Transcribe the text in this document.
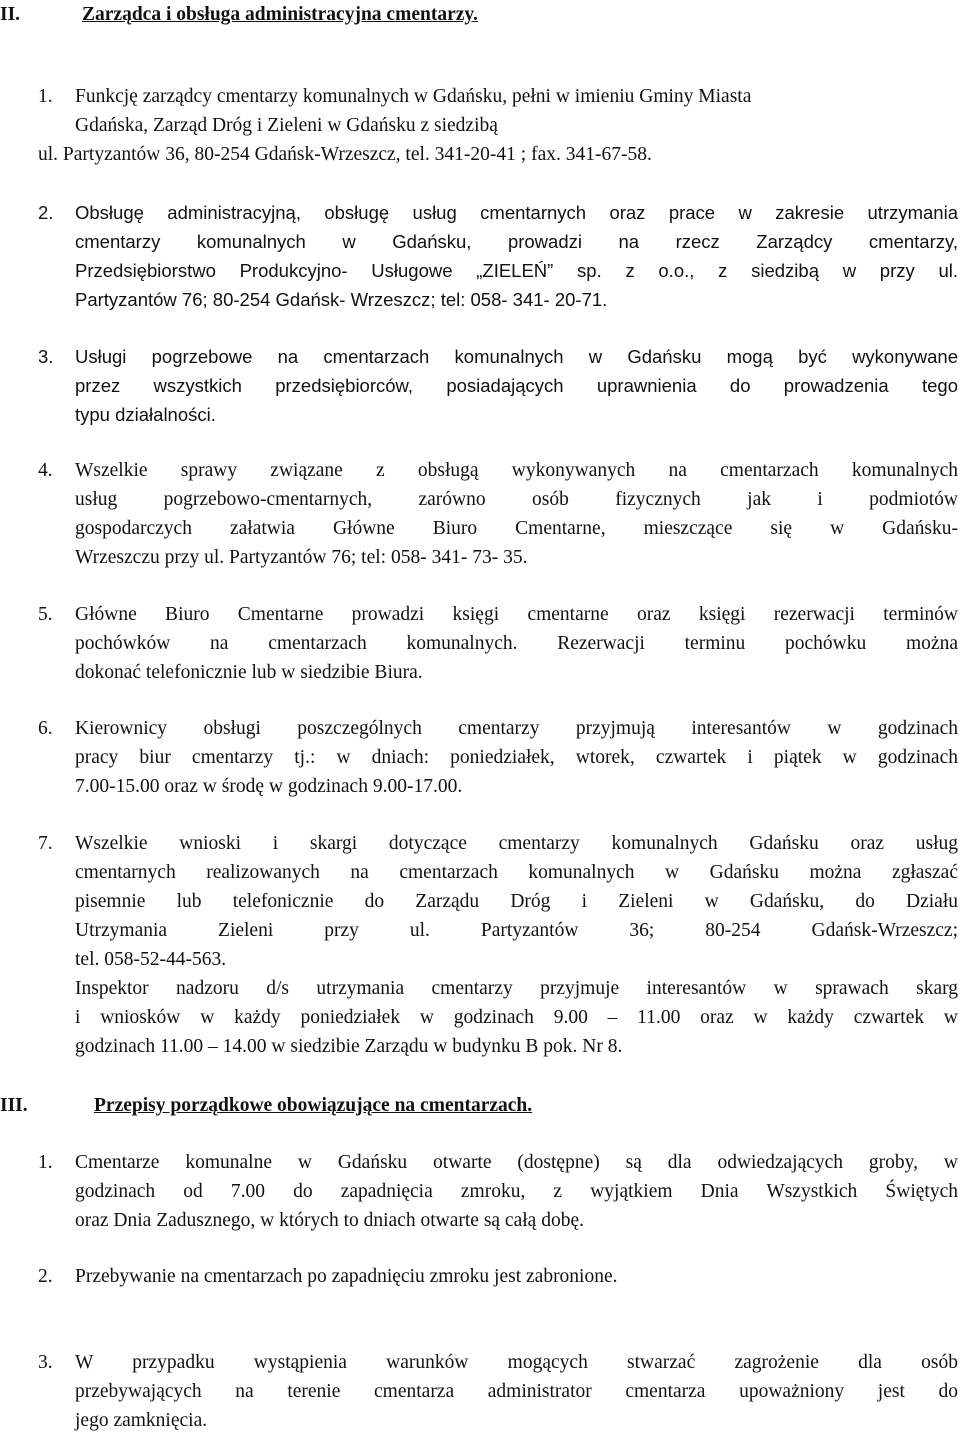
II.	Zarządca i obsługa administracyjna cmentarzy.
1. Funkcję zarządcy cmentarzy komunalnych w Gdańsku, pełni w imieniu Gminy Miasta
Gdańska, Zarząd Dróg i Zieleni w Gdańsku z siedzibą
ul. Partyzantów 36, 80-254 Gdańsk-Wrzeszcz, tel. 341-20-41 ; fax. 341-67-58.
2. Obsługę administracyjną, obsługę usług cmentarnych oraz prace w zakresie utrzymania
cmentarzy komunalnych w Gdańsku, prowadzi na rzecz Zarządcy cmentarzy,
Przedsiębiorstwo Produkcyjno- Usługowe „ZIELEŃ” sp. z o.o., z siedzibą w przy ul.
Partyzantów 76; 80-254 Gdańsk- Wrzeszcz; tel: 058- 341- 20-71.
3. Usługi pogrzebowe na cmentarzach komunalnych w Gdańsku mogą być wykonywane
przez wszystkich przedsiębiorców, posiadających uprawnienia do prowadzenia tego
typu działalności.
4. Wszelkie sprawy związane z obsługą wykonywanych na cmentarzach komunalnych
usług pogrzebowo-cmentarnych, zarówno osób fizycznych jak i podmiotów
gospodarczych załatwia Główne Biuro Cmentarne, mieszczące się w Gdańsku-
Wrzeszczu przy ul. Partyzantów 76; tel: 058- 341- 73- 35.
5. Główne Biuro Cmentarne prowadzi księgi cmentarne oraz księgi rezerwacji terminów
pochówków na cmentarzach komunalnych. Rezerwacji terminu pochówku można
dokonać telefonicznie lub w siedzibie Biura.
6. Kierownicy obsługi poszczególnych cmentarzy przyjmują interesantów w godzinach
pracy biur cmentarzy tj.: w dniach: poniedziałek, wtorek, czwartek i piątek w godzinach
7.00-15.00 oraz w środę w godzinach 9.00-17.00.
7. Wszelkie wnioski i skargi dotyczące cmentarzy komunalnych Gdańsku oraz usług
cmentarnych realizowanych na cmentarzach komunalnych w Gdańsku można zgłaszać
pisemnie lub telefonicznie do Zarządu Dróg i Zieleni w Gdańsku, do Działu
Utrzymania Zieleni przy ul. Partyzantów 36; 80-254 Gdańsk-Wrzeszcz;
tel. 058-52-44-563.
Inspektor nadzoru d/s utrzymania cmentarzy przyjmuje interesantów w sprawach skarg
i wniosków w każdy poniedziałek w godzinach 9.00 – 11.00 oraz w każdy czwartek w
godzinach 11.00 – 14.00 w siedzibie Zarządu w budynku B pok. Nr 8.
III.	Przepisy porządkowe obowiązujące na cmentarzach.
1. Cmentarze komunalne w Gdańsku otwarte (dostępne) są dla odwiedzających groby, w
godzinach od 7.00 do zapadnięcia zmroku, z wyjątkiem Dnia Wszystkich Świętych
oraz Dnia Zadusznego, w których to dniach otwarte są całą dobę.
2. Przebywanie na cmentarzach po zapadnięciu zmroku jest zabronione.
3. W przypadku wystąpienia warunków mogących stwarzać zagrożenie dla osób
przebywających na terenie cmentarza administrator cmentarza upoważniony jest do
jego zamknięcia.
